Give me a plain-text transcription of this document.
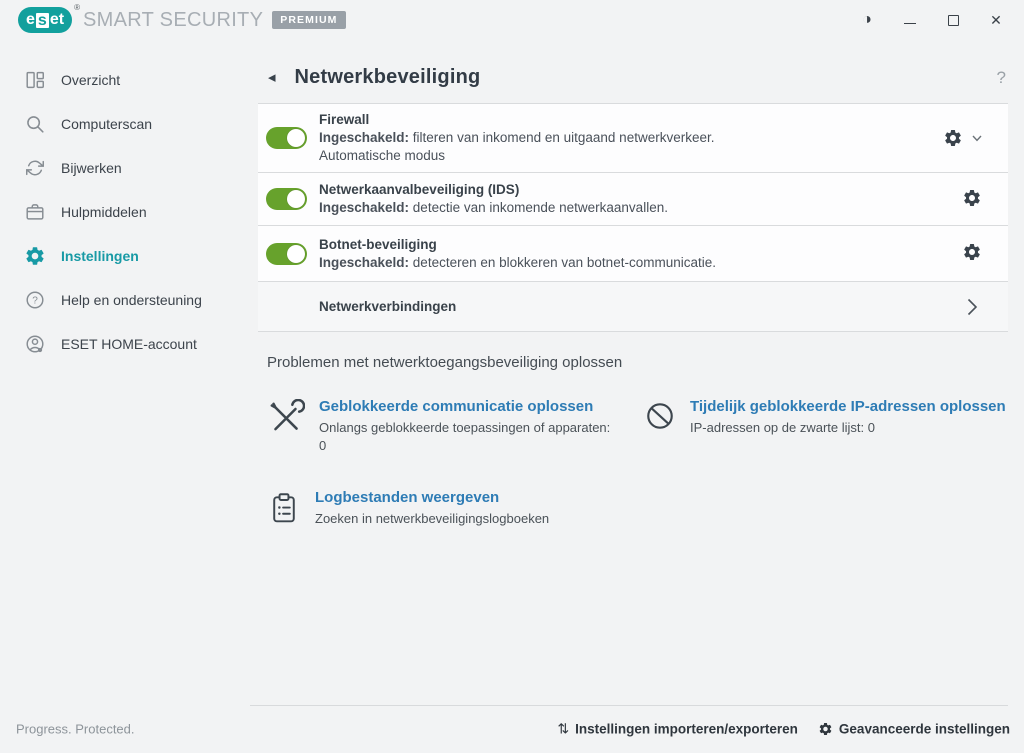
e s e t
®
SMART SECURITY	PREMIUM	◑	✕
Overzicht
Computerscan
Bijwerken
Hulpmiddelen
Instellingen
? Help en ondersteuning
ESET HOME-account
◂ Netwerkbeveiliging	?
Firewall
Ingeschakeld: filteren van inkomend en uitgaand netwerkverkeer.
Automatische modus
Netwerkaanvalbeveiliging (IDS)
Ingeschakeld: detectie van inkomende netwerkaanvallen.
Botnet-beveiliging
Ingeschakeld: detecteren en blokkeren van botnet-communicatie.
Netwerkverbindingen
Problemen met netwerktoegangsbeveiliging oplossen
Geblokkeerde communicatie oplossen
Onlangs geblokkeerde toepassingen of apparaten: 0
Tijdelijk geblokkeerde IP-adressen oplossen
IP-adressen op de zwarte lijst: 0
Logbestanden weergeven
Zoeken in netwerkbeveiligingslogboeken
Progress. Protected.	⇅ Instellingen importeren/exporteren	Geavanceerde instellingen
